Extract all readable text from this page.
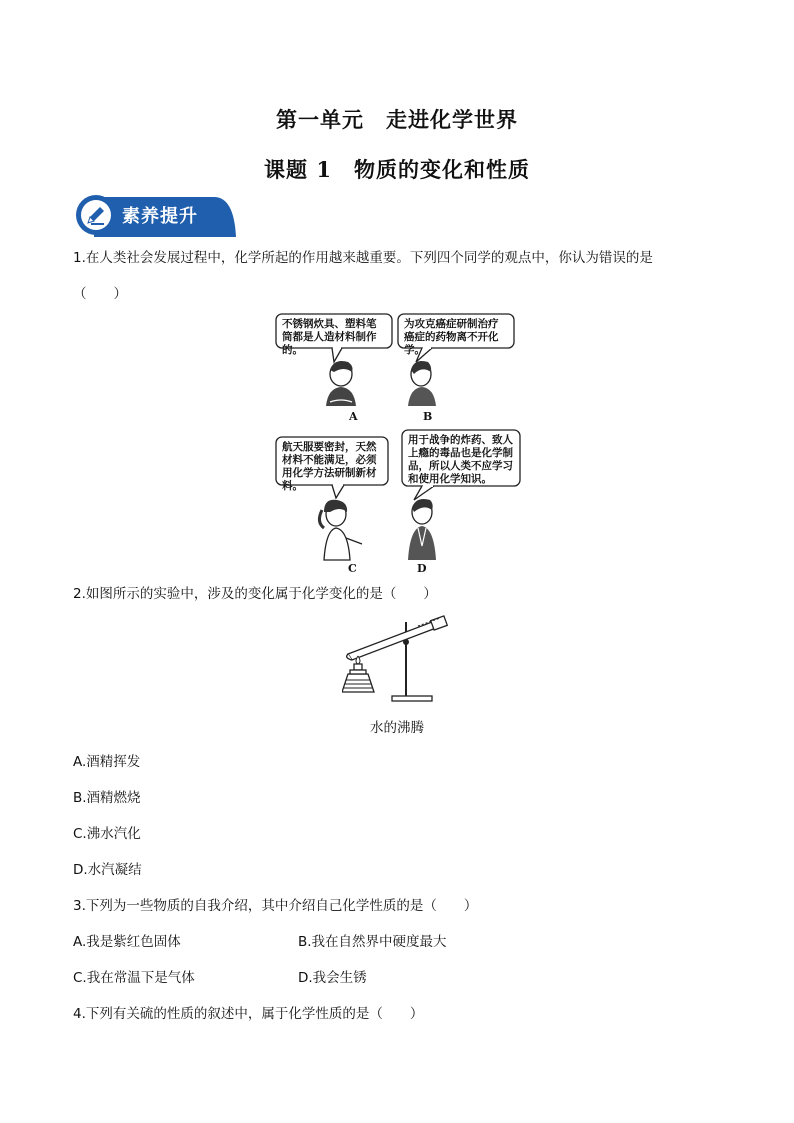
第一单元　走进化学世界
课题 1　物质的变化和性质
素养提升
1.在人类社会发展过程中，化学所起的作用越来越重要。下列四个同学的观点中，你认为错误的是
（　　）
不锈钢炊具、塑料笔筒都是人造材料制作的。
为攻克癌症研制治疗癌症的药物离不开化学。
航天服要密封，天然材料不能满足，必须用化学方法研制新材料。
用于战争的炸药、致人上瘾的毒品也是化学制品，所以人类不应学习和使用化学知识。
A	B
C	D
2.如图所示的实验中，涉及的变化属于化学变化的是（　　）
水的沸腾
A.酒精挥发
B.酒精燃烧
C.沸水汽化
D.水汽凝结
3.下列为一些物质的自我介绍，其中介绍自己化学性质的是（　　）
A.我是紫红色固体	B.我在自然界中硬度最大
C.我在常温下是气体	D.我会生锈
4.下列有关硫的性质的叙述中，属于化学性质的是（　　）
